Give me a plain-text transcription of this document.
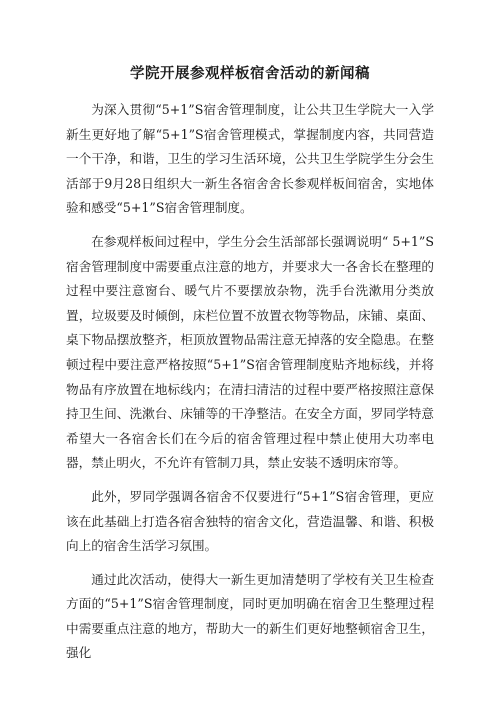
学院开展参观样板宿舍活动的新闻稿

为深入贯彻“5+1”S宿舍管理制度，让公共卫生学院大一入学新生更好地了解“5+1”S宿舍管理模式，掌握制度内容，共同营造一个干净，和谐，卫生的学习生活环境，公共卫生学院学生分会生活部于9月28日组织大一新生各宿舍舍长参观样板间宿舍，实地体验和感受“5+1”S宿舍管理制度。

在参观样板间过程中，学生分会生活部部长强调说明“ 5+1”S宿舍管理制度中需要重点注意的地方，并要求大一各舍长在整理的过程中要注意窗台、暖气片不要摆放杂物，洗手台洗漱用分类放置，垃圾要及时倾倒，床栏位置不放置衣物等物品，床铺、桌面、桌下物品摆放整齐，柜顶放置物品需注意无掉落的安全隐患。在整顿过程中要注意严格按照“5+1”S宿舍管理制度贴齐地标线，并将物品有序放置在地标线内；在清扫清洁的过程中要严格按照注意保持卫生间、洗漱台、床铺等的干净整洁。在安全方面，罗同学特意希望大一各宿舍长们在今后的宿舍管理过程中禁止使用大功率电器，禁止明火，不允许有管制刀具，禁止安装不透明床帘等。

此外，罗同学强调各宿舍不仅要进行“5+1”S宿舍管理，更应该在此基础上打造各宿舍独特的宿舍文化，营造温馨、和谐、积极向上的宿舍生活学习氛围。

通过此次活动，使得大一新生更加清楚明了学校有关卫生检查方面的“5+1”S宿舍管理制度，同时更加明确在宿舍卫生整理过程中需要重点注意的地方，帮助大一的新生们更好地整顿宿舍卫生，强化
